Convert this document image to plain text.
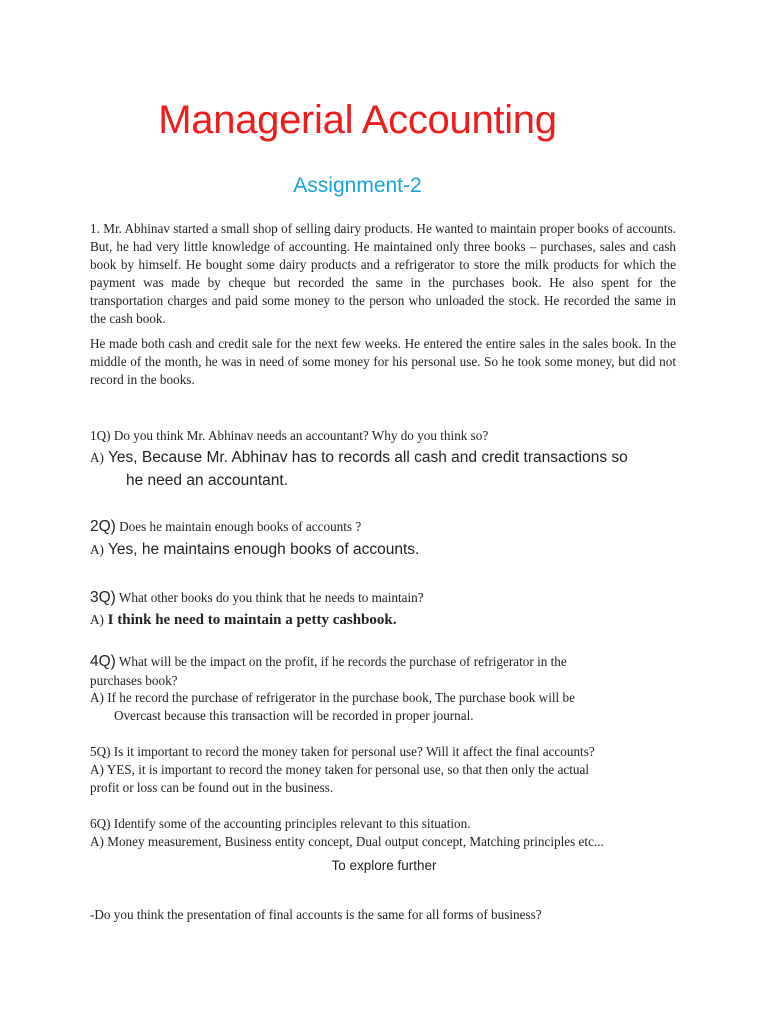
Managerial Accounting
Assignment-2

1. Mr. Abhinav started a small shop of selling dairy products. He wanted to maintain proper books of accounts. But, he had very little knowledge of accounting. He maintained only three books – purchases, sales and cash book by himself. He bought some dairy products and a refrigerator to store the milk products for which the payment was made by cheque but recorded the same in the purchases book. He also spent for the transportation charges and paid some money to the person who unloaded the stock. He recorded the same in the cash book.

He made both cash and credit sale for the next few weeks. He entered the entire sales in the sales book. In the middle of the month, he was in need of some money for his personal use. So he took some money, but did not record in the books.

1Q) Do you think Mr. Abhinav needs an accountant? Why do you think so?
A) Yes, Because Mr. Abhinav has to records all cash and credit transactions so
he need an accountant.
2Q) Does he maintain enough books of accounts ?
A) Yes, he maintains enough books of accounts.
3Q) What other books do you think that he needs to maintain?
A) I think he need to maintain a petty cashbook.
4Q) What will be the impact on the profit, if he records the purchase of refrigerator in the
purchases book?
A) If he record the purchase of refrigerator in the purchase book, The purchase book will be
Overcast because this transaction will be recorded in proper journal.
5Q) Is it important to record the money taken for personal use? Will it affect the final accounts?
A) YES, it is important to record the money taken for personal use, so that then only the actual
profit or loss can be found out in the business.
6Q) Identify some of the accounting principles relevant to this situation.
A) Money measurement, Business entity concept, Dual output concept, Matching principles etc...
To explore further
-Do you think the presentation of final accounts is the same for all forms of business?
